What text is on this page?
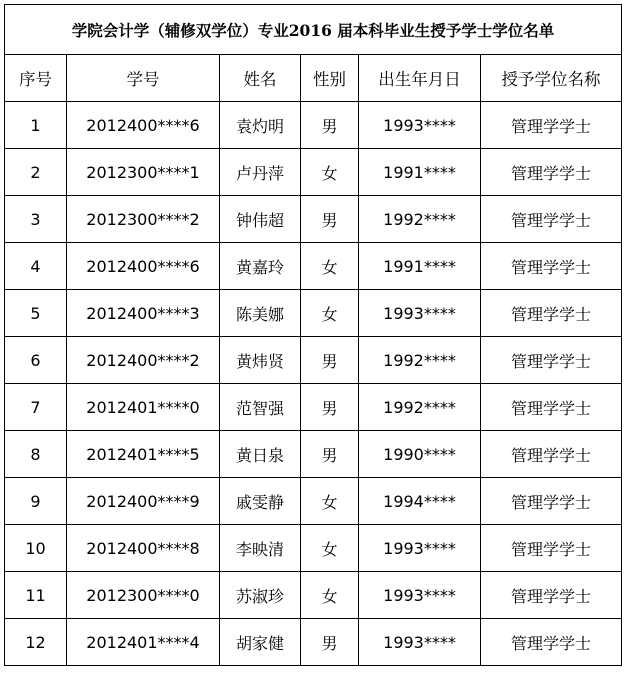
学院会计学（辅修双学位）专业2016 届本科毕业生授予学士学位名单					
序号	学号	姓名	性别	出生年月日	授予学位名称
1	2012400****6	袁灼明	男	1993****	管理学学士
2	2012300****1	卢丹萍	女	1991****	管理学学士
3	2012300****2	钟伟超	男	1992****	管理学学士
4	2012400****6	黄嘉玲	女	1991****	管理学学士
5	2012400****3	陈美娜	女	1993****	管理学学士
6	2012400****2	黄炜贤	男	1992****	管理学学士
7	2012401****0	范智强	男	1992****	管理学学士
8	2012401****5	黄日泉	男	1990****	管理学学士
9	2012400****9	戚雯静	女	1994****	管理学学士
10	2012400****8	李映清	女	1993****	管理学学士
11	2012300****0	苏淑珍	女	1993****	管理学学士
12	2012401****4	胡家健	男	1993****	管理学学士
